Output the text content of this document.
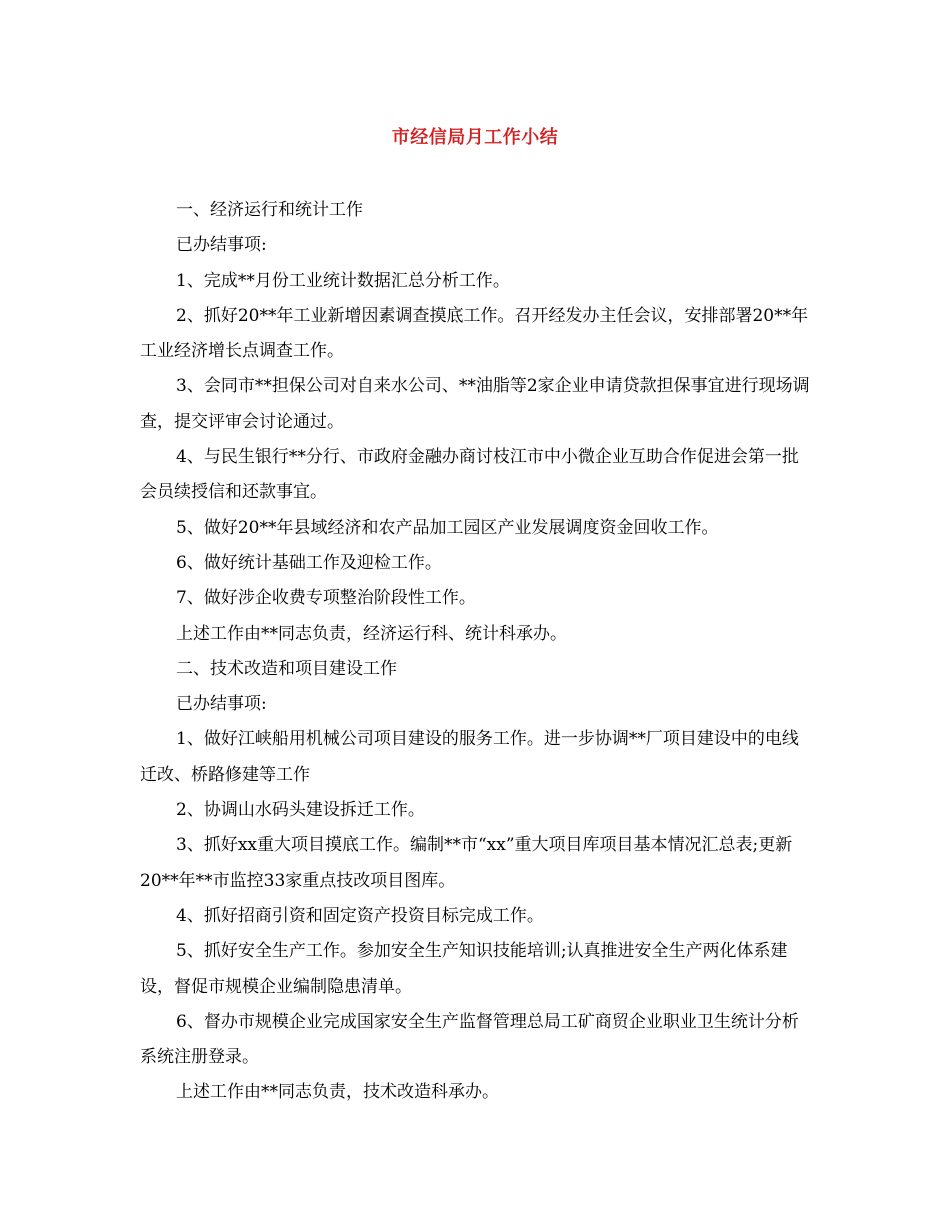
市经信局月工作小结

一、经济运行和统计工作

已办结事项:

1、完成**月份工业统计数据汇总分析工作。

2、抓好20**年工业新增因素调查摸底工作。召开经发办主任会议，安排部署20**年工业经济增长点调查工作。

3、会同市**担保公司对自来水公司、**油脂等2家企业申请贷款担保事宜进行现场调查，提交评审会讨论通过。

4、与民生银行**分行、市政府金融办商讨枝江市中小微企业互助合作促进会第一批会员续授信和还款事宜。

5、做好20**年县域经济和农产品加工园区产业发展调度资金回收工作。

6、做好统计基础工作及迎检工作。

7、做好涉企收费专项整治阶段性工作。

上述工作由**同志负责，经济运行科、统计科承办。

二、技术改造和项目建设工作

已办结事项:

1、做好江峡船用机械公司项目建设的服务工作。进一步协调**厂项目建设中的电线迁改、桥路修建等工作

2、协调山水码头建设拆迁工作。

3、抓好xx重大项目摸底工作。编制**市“xx”重大项目库项目基本情况汇总表;更新20**年**市监控33家重点技改项目图库。

4、抓好招商引资和固定资产投资目标完成工作。

5、抓好安全生产工作。参加安全生产知识技能培训;认真推进安全生产两化体系建设，督促市规模企业编制隐患清单。

6、督办市规模企业完成国家安全生产监督管理总局工矿商贸企业职业卫生统计分析系统注册登录。

上述工作由**同志负责，技术改造科承办。
